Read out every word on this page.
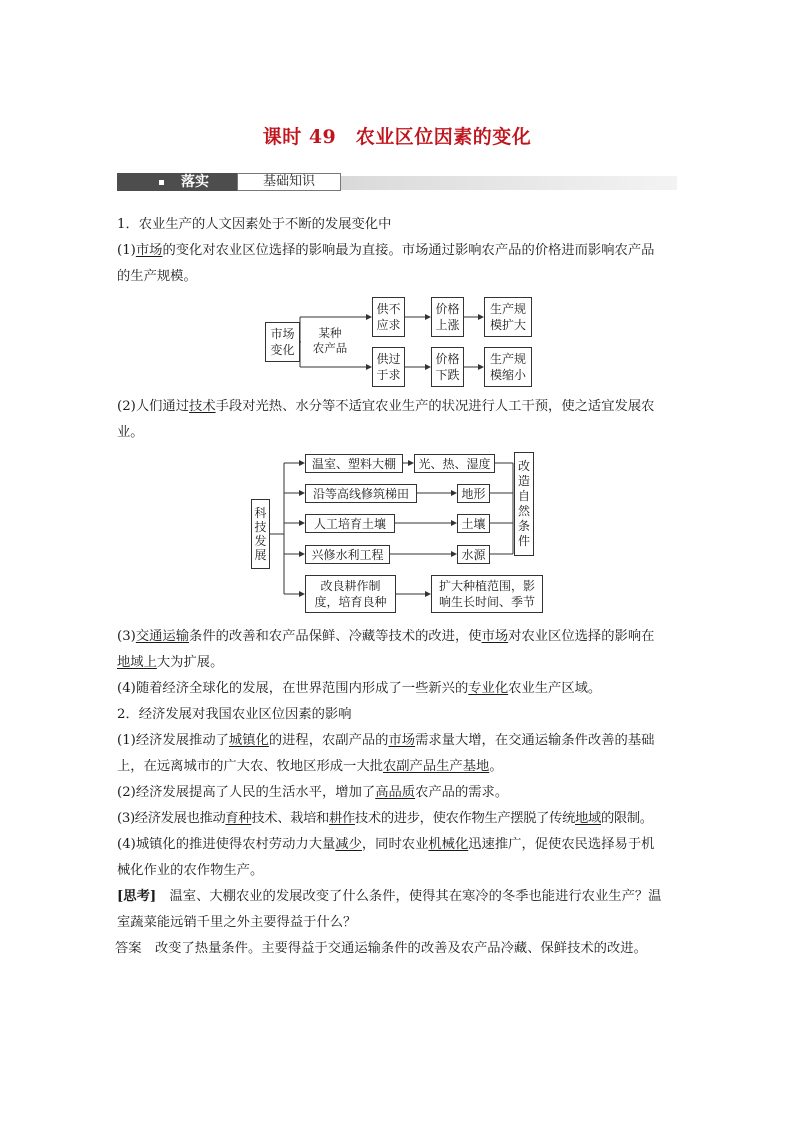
课时 49　农业区位因素的变化
落实	基础知识

1．农业生产的人文因素处于不断的发展变化中

(1)市场的变化对农业区位选择的影响最为直接。市场通过影响农产品的价格进而影响农产品

的生产规模。

市场变化
某种
农产品
供不应求
价格上涨
生产规模扩大
供过于求
价格下跌
生产规模缩小

(2)人们通过技术手段对光热、水分等不适宜农业生产的状况进行人工干预，使之适宜发展农

业。

科技发展
温室、塑料大棚
沿等高线修筑梯田
人工培育土壤
兴修水利工程
改良耕作制度，培育良种
光、热、湿度
地形
土壤
水源
扩大种植范围，影响生长时间、季节
改造自然条件

(3)交通运输条件的改善和农产品保鲜、冷藏等技术的改进，使市场对农业区位选择的影响在

地域上大为扩展。

(4)随着经济全球化的发展，在世界范围内形成了一些新兴的专业化农业生产区域。

2．经济发展对我国农业区位因素的影响

(1)经济发展推动了城镇化的进程，农副产品的市场需求量大增，在交通运输条件改善的基础

上，在远离城市的广大农、牧地区形成一大批农副产品生产基地。

(2)经济发展提高了人民的生活水平，增加了高品质农产品的需求。

(3)经济发展也推动育种技术、栽培和耕作技术的进步，使农作物生产摆脱了传统地域的限制。

(4)城镇化的推进使得农村劳动力大量减少，同时农业机械化迅速推广，促使农民选择易于机

械化作业的农作物生产。

[思考]　温室、大棚农业的发展改变了什么条件，使得其在寒冷的冬季也能进行农业生产？温

室蔬菜能远销千里之外主要得益于什么？

答案　改变了热量条件。主要得益于交通运输条件的改善及农产品冷藏、保鲜技术的改进。
